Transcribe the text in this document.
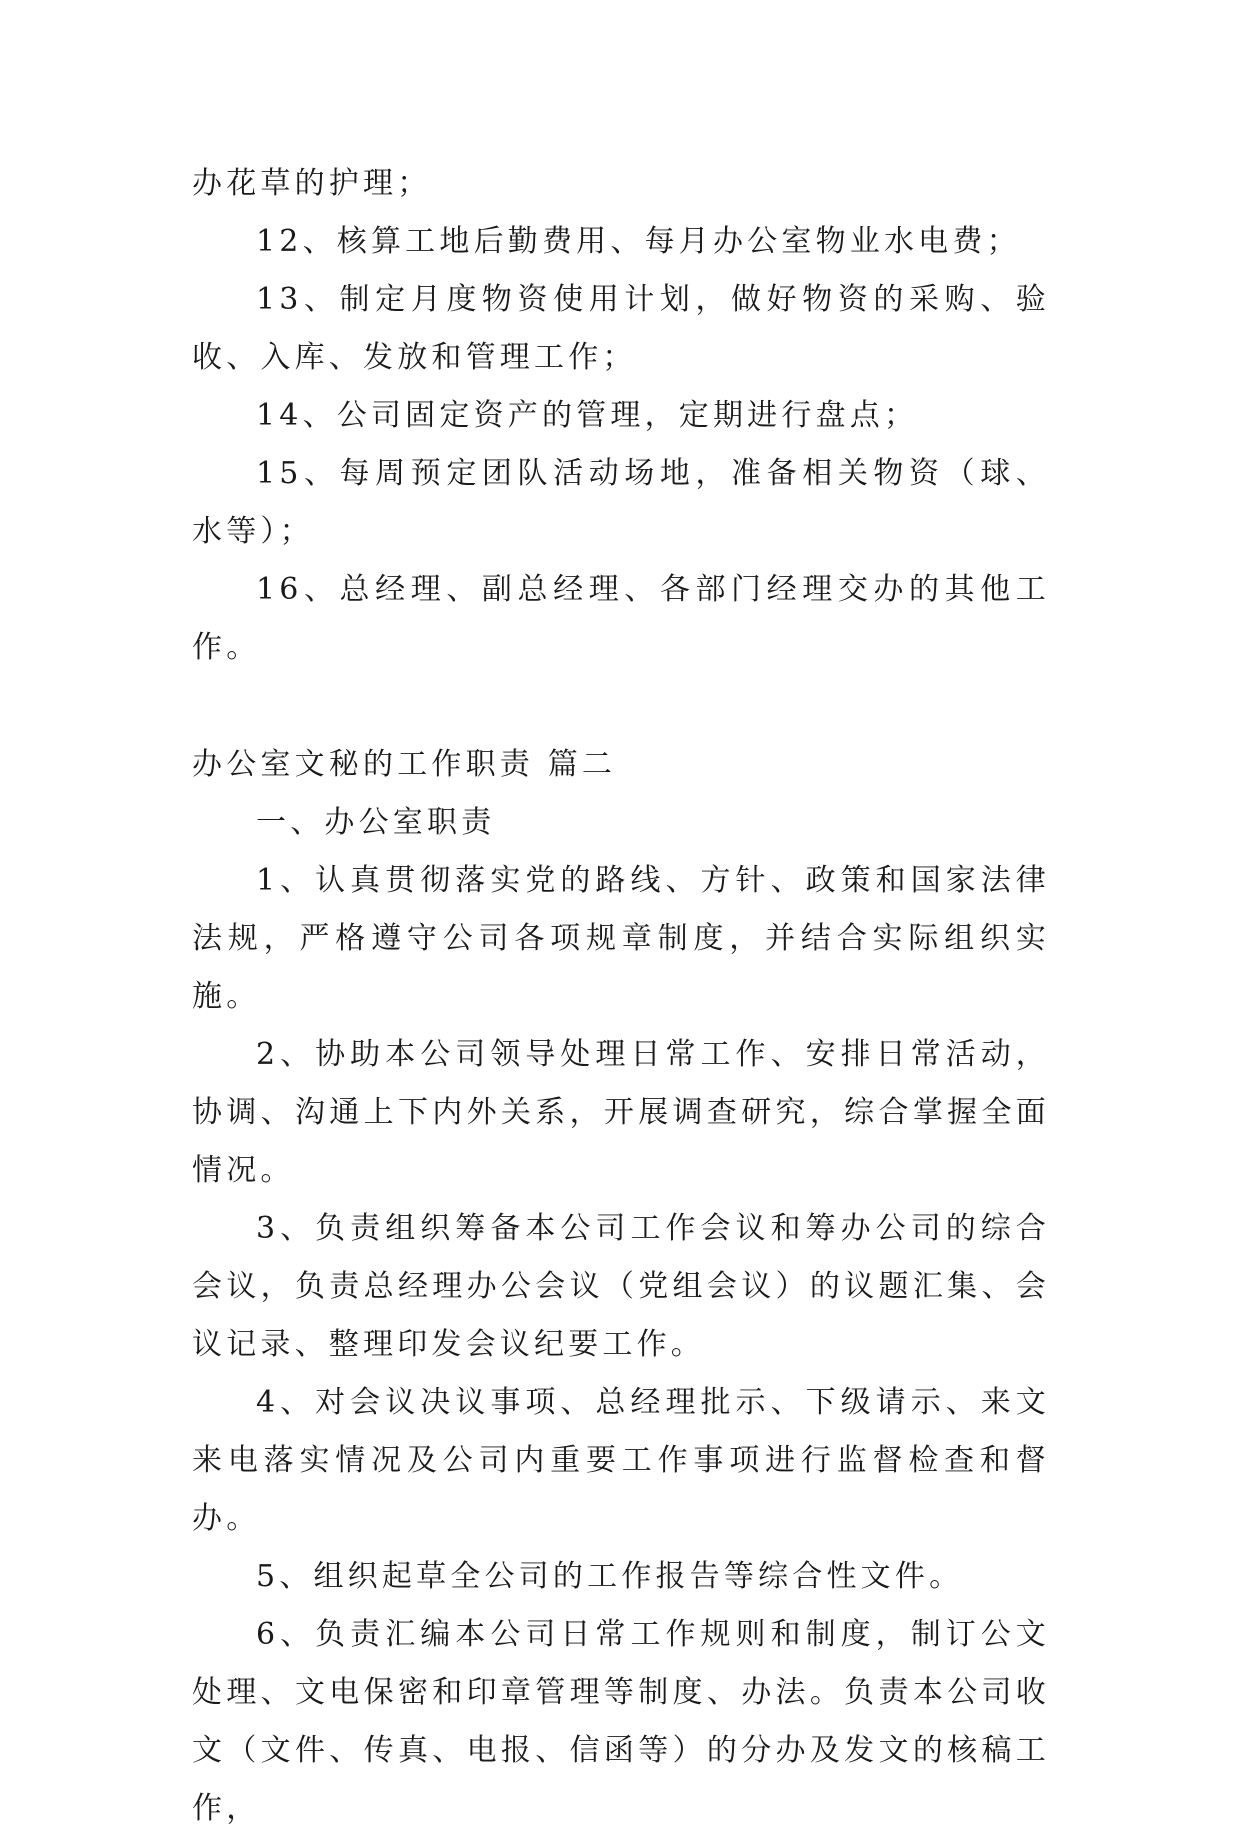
办花草的护理；

12、核算工地后勤费用、每月办公室物业水电费；

13、制定月度物资使用计划，做好物资的采购、验收、入库、发放和管理工作；

14、公司固定资产的管理，定期进行盘点；

15、每周预定团队活动场地，准备相关物资（球、水等）；

16、总经理、副总经理、各部门经理交办的其他工作。

办公室文秘的工作职责 篇二

一、办公室职责

1、认真贯彻落实党的路线、方针、政策和国家法律法规，严格遵守公司各项规章制度，并结合实际组织实施。

2、协助本公司领导处理日常工作、安排日常活动，协调、沟通上下内外关系，开展调查研究，综合掌握全面情况。

3、负责组织筹备本公司工作会议和筹办公司的综合会议，负责总经理办公会议（党组会议）的议题汇集、会议记录、整理印发会议纪要工作。

4、对会议决议事项、总经理批示、下级请示、来文来电落实情况及公司内重要工作事项进行监督检查和督办。

5、组织起草全公司的工作报告等综合性文件。

6、负责汇编本公司日常工作规则和制度，制订公文处理、文电保密和印章管理等制度、办法。负责本公司收文（文件、传真、电报、信函等）的分办及发文的核稿工作，
